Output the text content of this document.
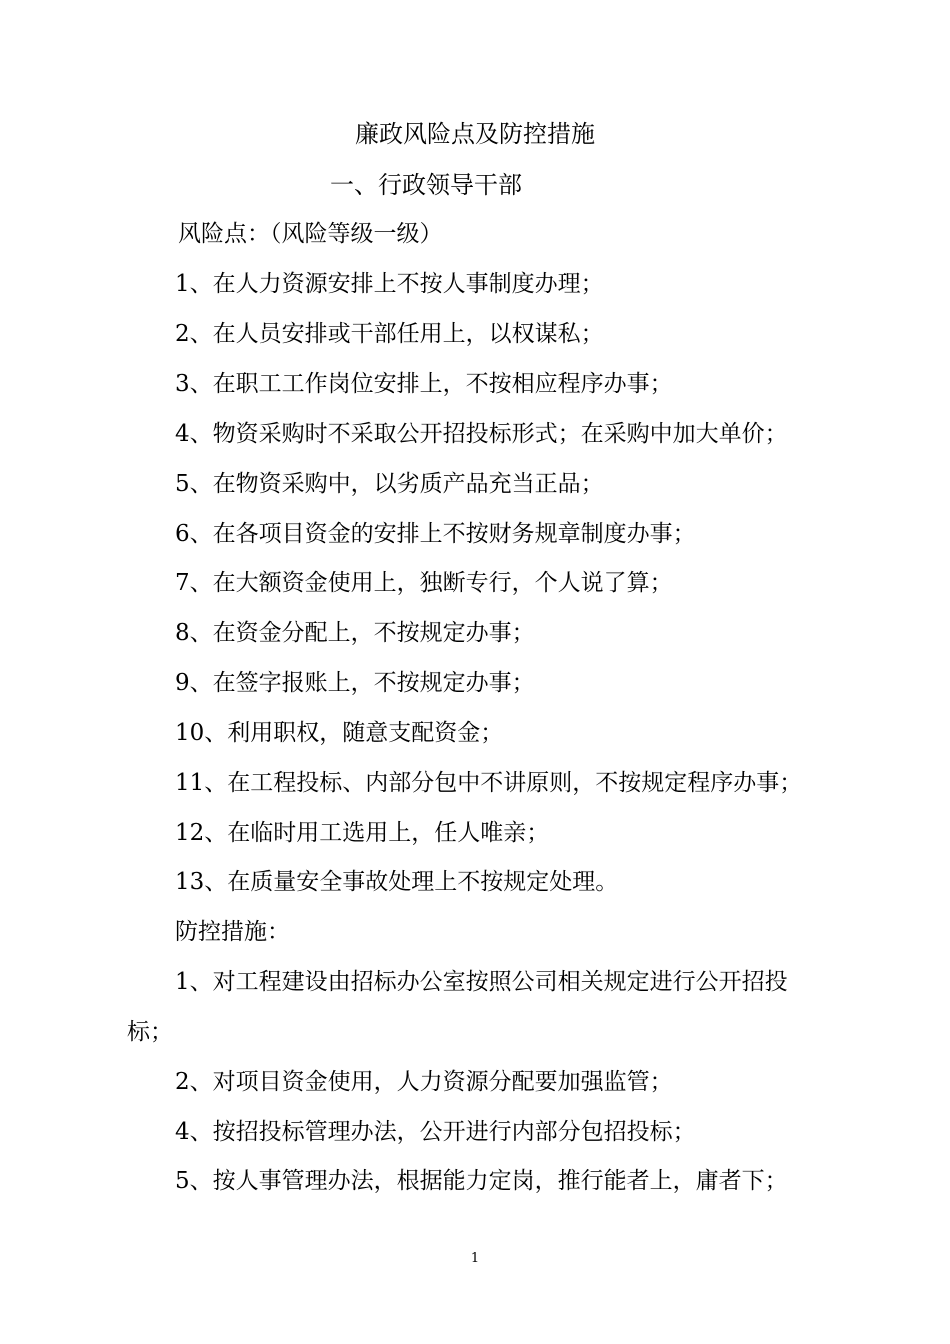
廉政风险点及防控措施
一、行政领导干部
风险点：（风险等级一级）
1、在人力资源安排上不按人事制度办理；
2、在人员安排或干部任用上，以权谋私；
3、在职工工作岗位安排上，不按相应程序办事；
4、物资采购时不采取公开招投标形式；在采购中加大单价；
5、在物资采购中，以劣质产品充当正品；
6、在各项目资金的安排上不按财务规章制度办事；
7、在大额资金使用上，独断专行，个人说了算；
8、在资金分配上，不按规定办事；
9、在签字报账上，不按规定办事；
10、利用职权，随意支配资金；
11、在工程投标、内部分包中不讲原则，不按规定程序办事；
12、在临时用工选用上，任人唯亲；
13、在质量安全事故处理上不按规定处理。
防控措施：
1、对工程建设由招标办公室按照公司相关规定进行公开招投
标；
2、对项目资金使用，人力资源分配要加强监管；
4、按招投标管理办法，公开进行内部分包招投标；
5、按人事管理办法，根据能力定岗，推行能者上，庸者下；
1
